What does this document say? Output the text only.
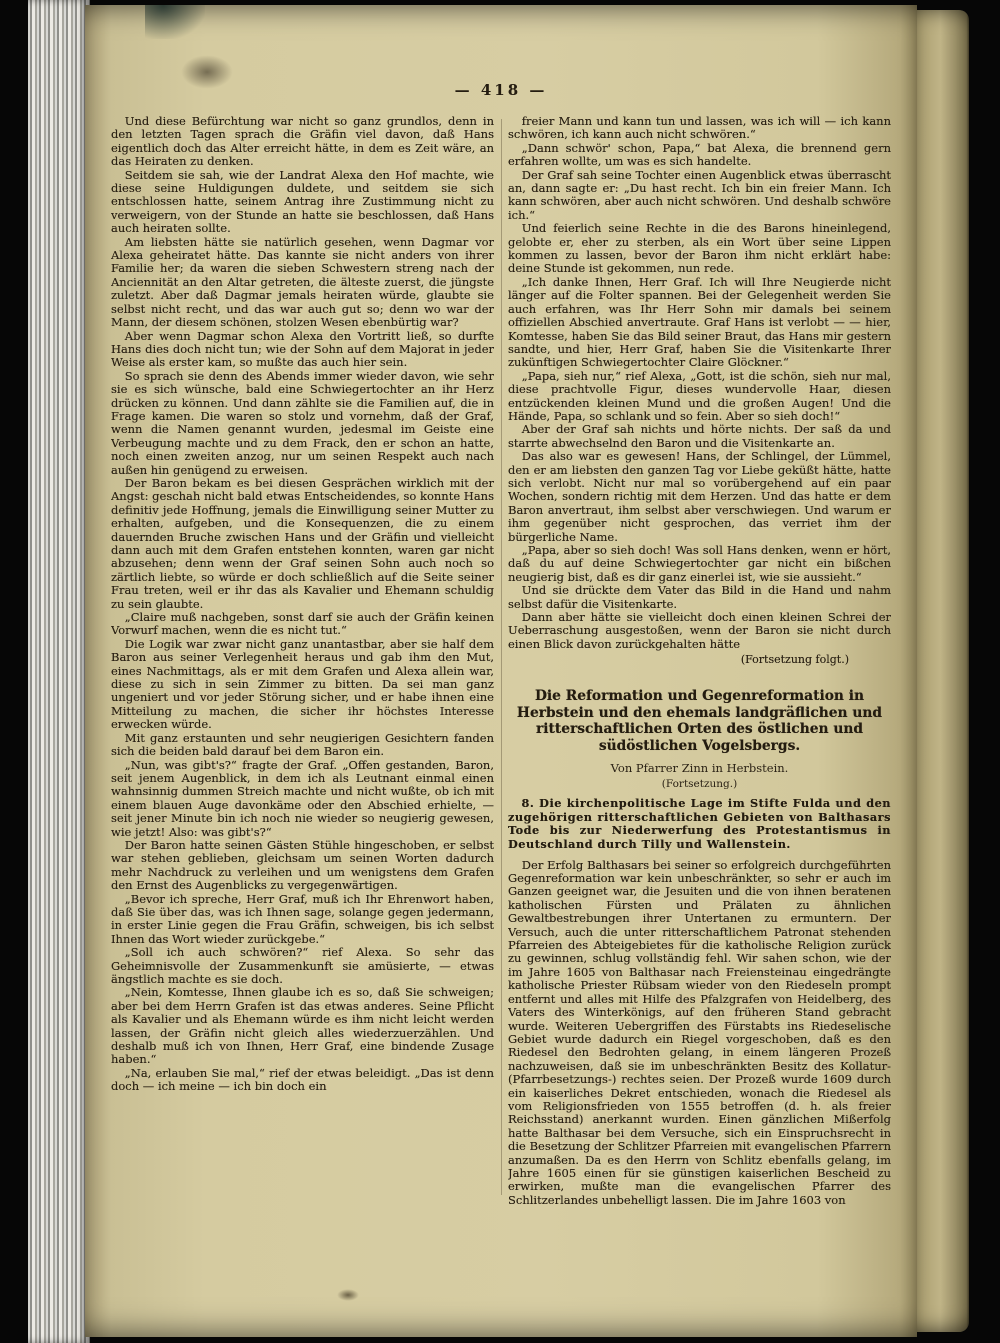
— 418 —

Und diese Befürchtung war nicht so ganz grundlos, denn in den letzten Tagen sprach die Gräfin viel davon, daß Hans eigentlich doch das Alter erreicht hätte, in dem es Zeit wäre, an das Heiraten zu denken.

Seitdem sie sah, wie der Landrat Alexa den Hof machte, wie diese seine Huldigungen duldete, und seitdem sie sich entschlossen hatte, seinem Antrag ihre Zustimmung nicht zu verweigern, von der Stunde an hatte sie beschlossen, daß Hans auch heiraten sollte.

Am liebsten hätte sie natürlich gesehen, wenn Dagmar vor Alexa geheiratet hätte. Das kannte sie nicht anders von ihrer Familie her; da waren die sieben Schwestern streng nach der Anciennität an den Altar getreten, die älteste zuerst, die jüngste zuletzt. Aber daß Dagmar jemals heiraten würde, glaubte sie selbst nicht recht, und das war auch gut so; denn wo war der Mann, der diesem schönen, stolzen Wesen ebenbürtig war?

Aber wenn Dagmar schon Alexa den Vortritt ließ, so durfte Hans dies doch nicht tun; wie der Sohn auf dem Majorat in jeder Weise als erster kam, so mußte das auch hier sein.

So sprach sie denn des Abends immer wieder davon, wie sehr sie es sich wünsche, bald eine Schwiegertochter an ihr Herz drücken zu können. Und dann zählte sie die Familien auf, die in Frage kamen. Die waren so stolz und vornehm, daß der Graf, wenn die Namen genannt wurden, jedesmal im Geiste eine Verbeugung machte und zu dem Frack, den er schon an hatte, noch einen zweiten anzog, nur um seinen Respekt auch nach außen hin genügend zu erweisen.

Der Baron bekam es bei diesen Gesprächen wirklich mit der Angst: geschah nicht bald etwas Entscheidendes, so konnte Hans definitiv jede Hoffnung, jemals die Einwilligung seiner Mutter zu erhalten, aufgeben, und die Konsequenzen, die zu einem dauernden Bruche zwischen Hans und der Gräfin und vielleicht dann auch mit dem Grafen entstehen konnten, waren gar nicht abzusehen; denn wenn der Graf seinen Sohn auch noch so zärtlich liebte, so würde er doch schließlich auf die Seite seiner Frau treten, weil er ihr das als Kavalier und Ehemann schuldig zu sein glaubte.

„Claire muß nachgeben, sonst darf sie auch der Gräfin keinen Vorwurf machen, wenn die es nicht tut.“

Die Logik war zwar nicht ganz unantastbar, aber sie half dem Baron aus seiner Verlegenheit heraus und gab ihm den Mut, eines Nachmittags, als er mit dem Grafen und Alexa allein war, diese zu sich in sein Zimmer zu bitten. Da sei man ganz ungeniert und vor jeder Störung sicher, und er habe ihnen eine Mitteilung zu machen, die sicher ihr höchstes Interesse erwecken würde.

Mit ganz erstaunten und sehr neugierigen Gesichtern fanden sich die beiden bald darauf bei dem Baron ein.

„Nun, was gibt's?“ fragte der Graf. „Offen gestanden, Baron, seit jenem Augenblick, in dem ich als Leutnant einmal einen wahnsinnig dummen Streich machte und nicht wußte, ob ich mit einem blauen Auge davonkäme oder den Abschied erhielte, — seit jener Minute bin ich noch nie wieder so neugierig gewesen, wie jetzt! Also: was gibt's?“

Der Baron hatte seinen Gästen Stühle hingeschoben, er selbst war stehen geblieben, gleichsam um seinen Worten dadurch mehr Nachdruck zu verleihen und um wenigstens dem Grafen den Ernst des Augenblicks zu vergegenwärtigen.

„Bevor ich spreche, Herr Graf, muß ich Ihr Ehrenwort haben, daß Sie über das, was ich Ihnen sage, solange gegen jedermann, in erster Linie gegen die Frau Gräfin, schweigen, bis ich selbst Ihnen das Wort wieder zurückgebe.“

„Soll ich auch schwören?“ rief Alexa. So sehr das Geheimnisvolle der Zusammenkunft sie amüsierte, — etwas ängstlich machte es sie doch.

„Nein, Komtesse, Ihnen glaube ich es so, daß Sie schweigen; aber bei dem Herrn Grafen ist das etwas anderes. Seine Pflicht als Kavalier und als Ehemann würde es ihm nicht leicht werden lassen, der Gräfin nicht gleich alles wiederzuerzählen. Und deshalb muß ich von Ihnen, Herr Graf, eine bindende Zusage haben.“

„Na, erlauben Sie mal,“ rief der etwas beleidigt. „Das ist denn doch — ich meine — ich bin doch ein

freier Mann und kann tun und lassen, was ich will — ich kann schwören, ich kann auch nicht schwören.“

„Dann schwör' schon, Papa,“ bat Alexa, die brennend gern erfahren wollte, um was es sich handelte.

Der Graf sah seine Tochter einen Augenblick etwas überrascht an, dann sagte er: „Du hast recht. Ich bin ein freier Mann. Ich kann schwören, aber auch nicht schwören. Und deshalb schwöre ich.“

Und feierlich seine Rechte in die des Barons hineinlegend, gelobte er, eher zu sterben, als ein Wort über seine Lippen kommen zu lassen, bevor der Baron ihm nicht erklärt habe: deine Stunde ist gekommen, nun rede.

„Ich danke Ihnen, Herr Graf. Ich will Ihre Neugierde nicht länger auf die Folter spannen. Bei der Gelegenheit werden Sie auch erfahren, was Ihr Herr Sohn mir damals bei seinem offiziellen Abschied anvertraute. Graf Hans ist verlobt — — hier, Komtesse, haben Sie das Bild seiner Braut, das Hans mir gestern sandte, und hier, Herr Graf, haben Sie die Visitenkarte Ihrer zukünftigen Schwiegertochter Claire Glöckner.“

„Papa, sieh nur,“ rief Alexa, „Gott, ist die schön, sieh nur mal, diese prachtvolle Figur, dieses wundervolle Haar, diesen entzückenden kleinen Mund und die großen Augen! Und die Hände, Papa, so schlank und so fein. Aber so sieh doch!“

Aber der Graf sah nichts und hörte nichts. Der saß da und starrte abwechselnd den Baron und die Visitenkarte an.

Das also war es gewesen! Hans, der Schlingel, der Lümmel, den er am liebsten den ganzen Tag vor Liebe geküßt hätte, hatte sich verlobt. Nicht nur mal so vorübergehend auf ein paar Wochen, sondern richtig mit dem Herzen. Und das hatte er dem Baron anvertraut, ihm selbst aber verschwiegen. Und warum er ihm gegenüber nicht gesprochen, das verriet ihm der bürgerliche Name.

„Papa, aber so sieh doch! Was soll Hans denken, wenn er hört, daß du auf deine Schwiegertochter gar nicht ein bißchen neugierig bist, daß es dir ganz einerlei ist, wie sie aussieht.“

Und sie drückte dem Vater das Bild in die Hand und nahm selbst dafür die Visitenkarte.

Dann aber hätte sie vielleicht doch einen kleinen Schrei der Ueberraschung ausgestoßen, wenn der Baron sie nicht durch einen Blick davon zurückgehalten hätte

(Fortsetzung folgt.)

Die Reformation und Gegenreformation in Herbstein und den ehemals landgräflichen und ritterschaftlichen Orten des östlichen und südöstlichen Vogelsbergs.

Von Pfarrer Zinn in Herbstein.

(Fortsetzung.)

8. Die kirchenpolitische Lage im Stifte Fulda und den zugehörigen ritterschaftlichen Gebieten von Balthasars Tode bis zur Niederwerfung des Protestantismus in Deutschland durch Tilly und Wallenstein.

Der Erfolg Balthasars bei seiner so erfolgreich durchgeführten Gegenreformation war kein unbeschränkter, so sehr er auch im Ganzen geeignet war, die Jesuiten und die von ihnen beratenen katholischen Fürsten und Prälaten zu ähnlichen Gewaltbestrebungen ihrer Untertanen zu ermuntern. Der Versuch, auch die unter ritterschaftlichem Patronat stehenden Pfarreien des Abteigebietes für die katholische Religion zurück zu gewinnen, schlug vollständig fehl. Wir sahen schon, wie der im Jahre 1605 von Balthasar nach Freiensteinau eingedrängte katholische Priester Rübsam wieder von den Riedeseln prompt entfernt und alles mit Hilfe des Pfalzgrafen von Heidelberg, des Vaters des Winterkönigs, auf den früheren Stand gebracht wurde. Weiteren Uebergriffen des Fürstabts ins Riedeselische Gebiet wurde dadurch ein Riegel vorgeschoben, daß es den Riedesel den Bedrohten gelang, in einem längeren Prozeß nachzuweisen, daß sie im unbeschränkten Besitz des Kollatur- (Pfarrbesetzungs-) rechtes seien. Der Prozeß wurde 1609 durch ein kaiserliches Dekret entschieden, wonach die Riedesel als vom Religionsfrieden von 1555 betroffen (d. h. als freier Reichsstand) anerkannt wurden. Einen gänzlichen Mißerfolg hatte Balthasar bei dem Versuche, sich ein Einspruchsrecht in die Besetzung der Schlitzer Pfarreien mit evangelischen Pfarrern anzumaßen. Da es den Herrn von Schlitz ebenfalls gelang, im Jahre 1605 einen für sie günstigen kaiserlichen Bescheid zu erwirken, mußte man die evangelischen Pfarrer des Schlitzerlandes unbehelligt lassen. Die im Jahre 1603 von
